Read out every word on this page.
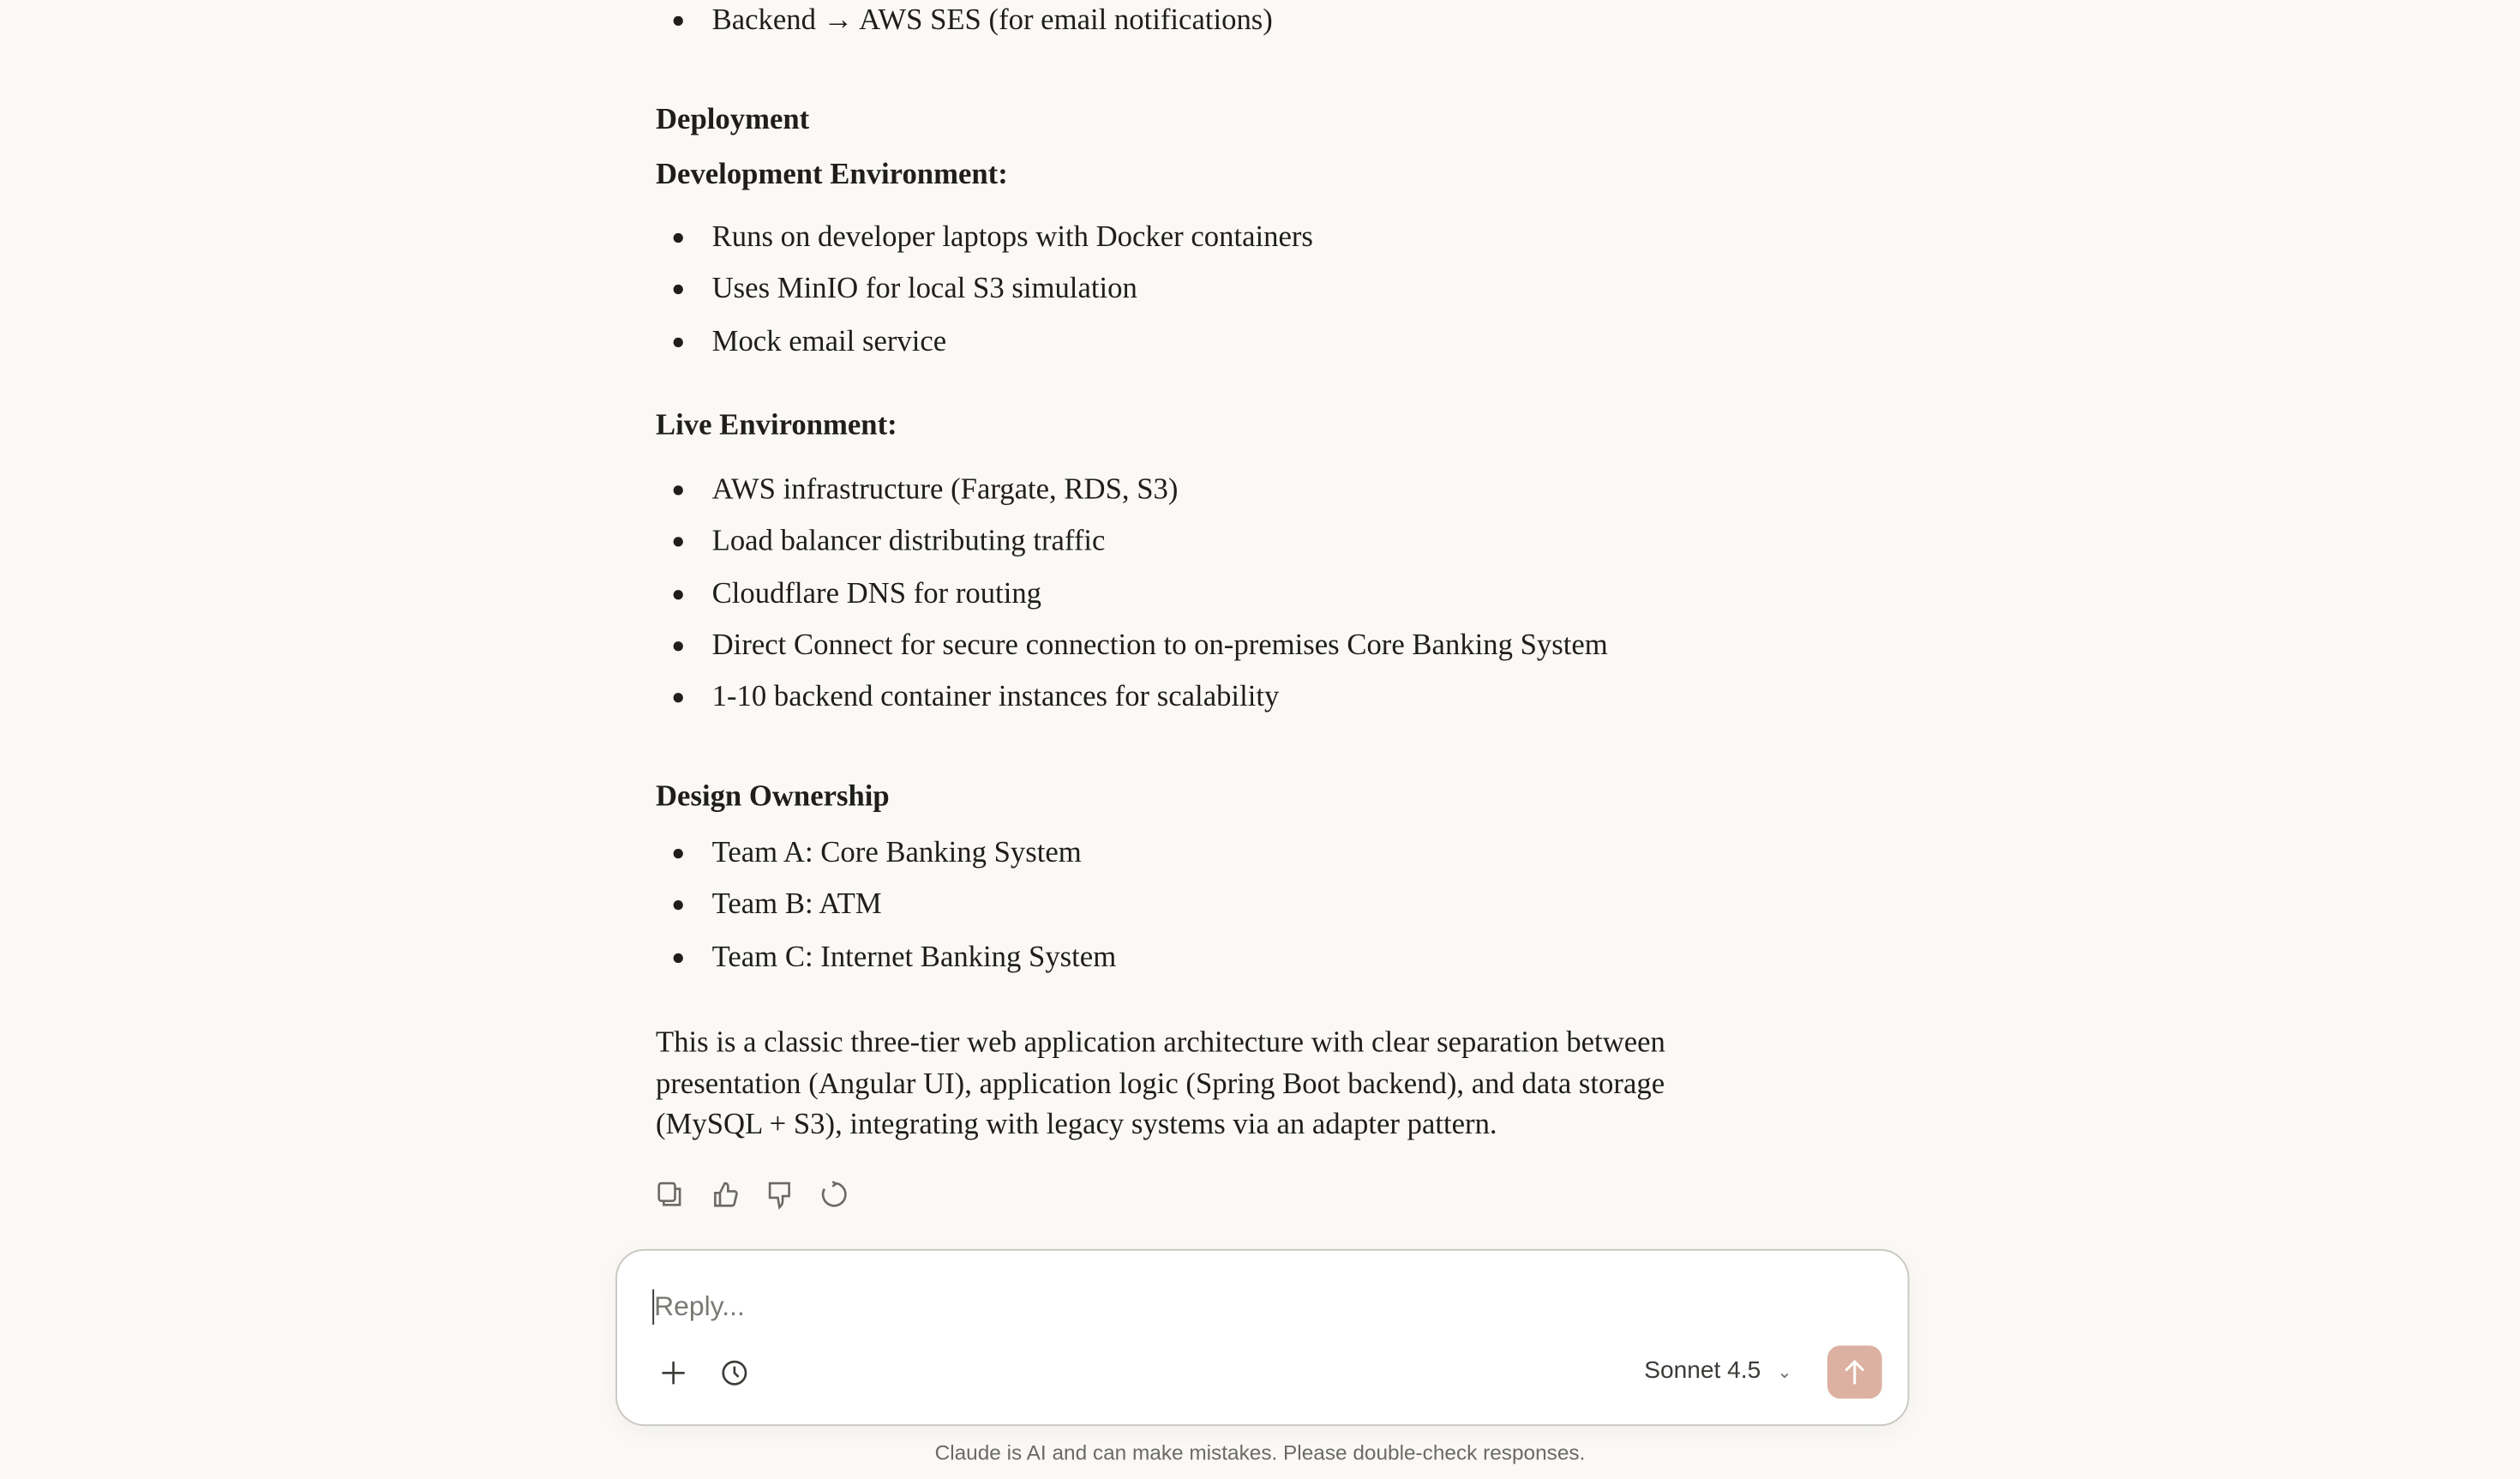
Backend → AWS SES (for email notifications)
Deployment
Development Environment:
Runs on developer laptops with Docker containers
Uses MinIO for local S3 simulation
Mock email service
Live Environment:
AWS infrastructure (Fargate, RDS, S3)
Load balancer distributing traffic
Cloudflare DNS for routing
Direct Connect for secure connection to on-premises Core Banking System
1-10 backend container instances for scalability
Design Ownership
Team A: Core Banking System
Team B: ATM
Team C: Internet Banking System
This is a classic three-tier web application architecture with clear separation between
presentation (Angular UI), application logic (Spring Boot backend), and data storage
(MySQL + S3), integrating with legacy systems via an adapter pattern.
Reply...
Sonnet 4.5 ⌄
Claude is AI and can make mistakes. Please double-check responses.
